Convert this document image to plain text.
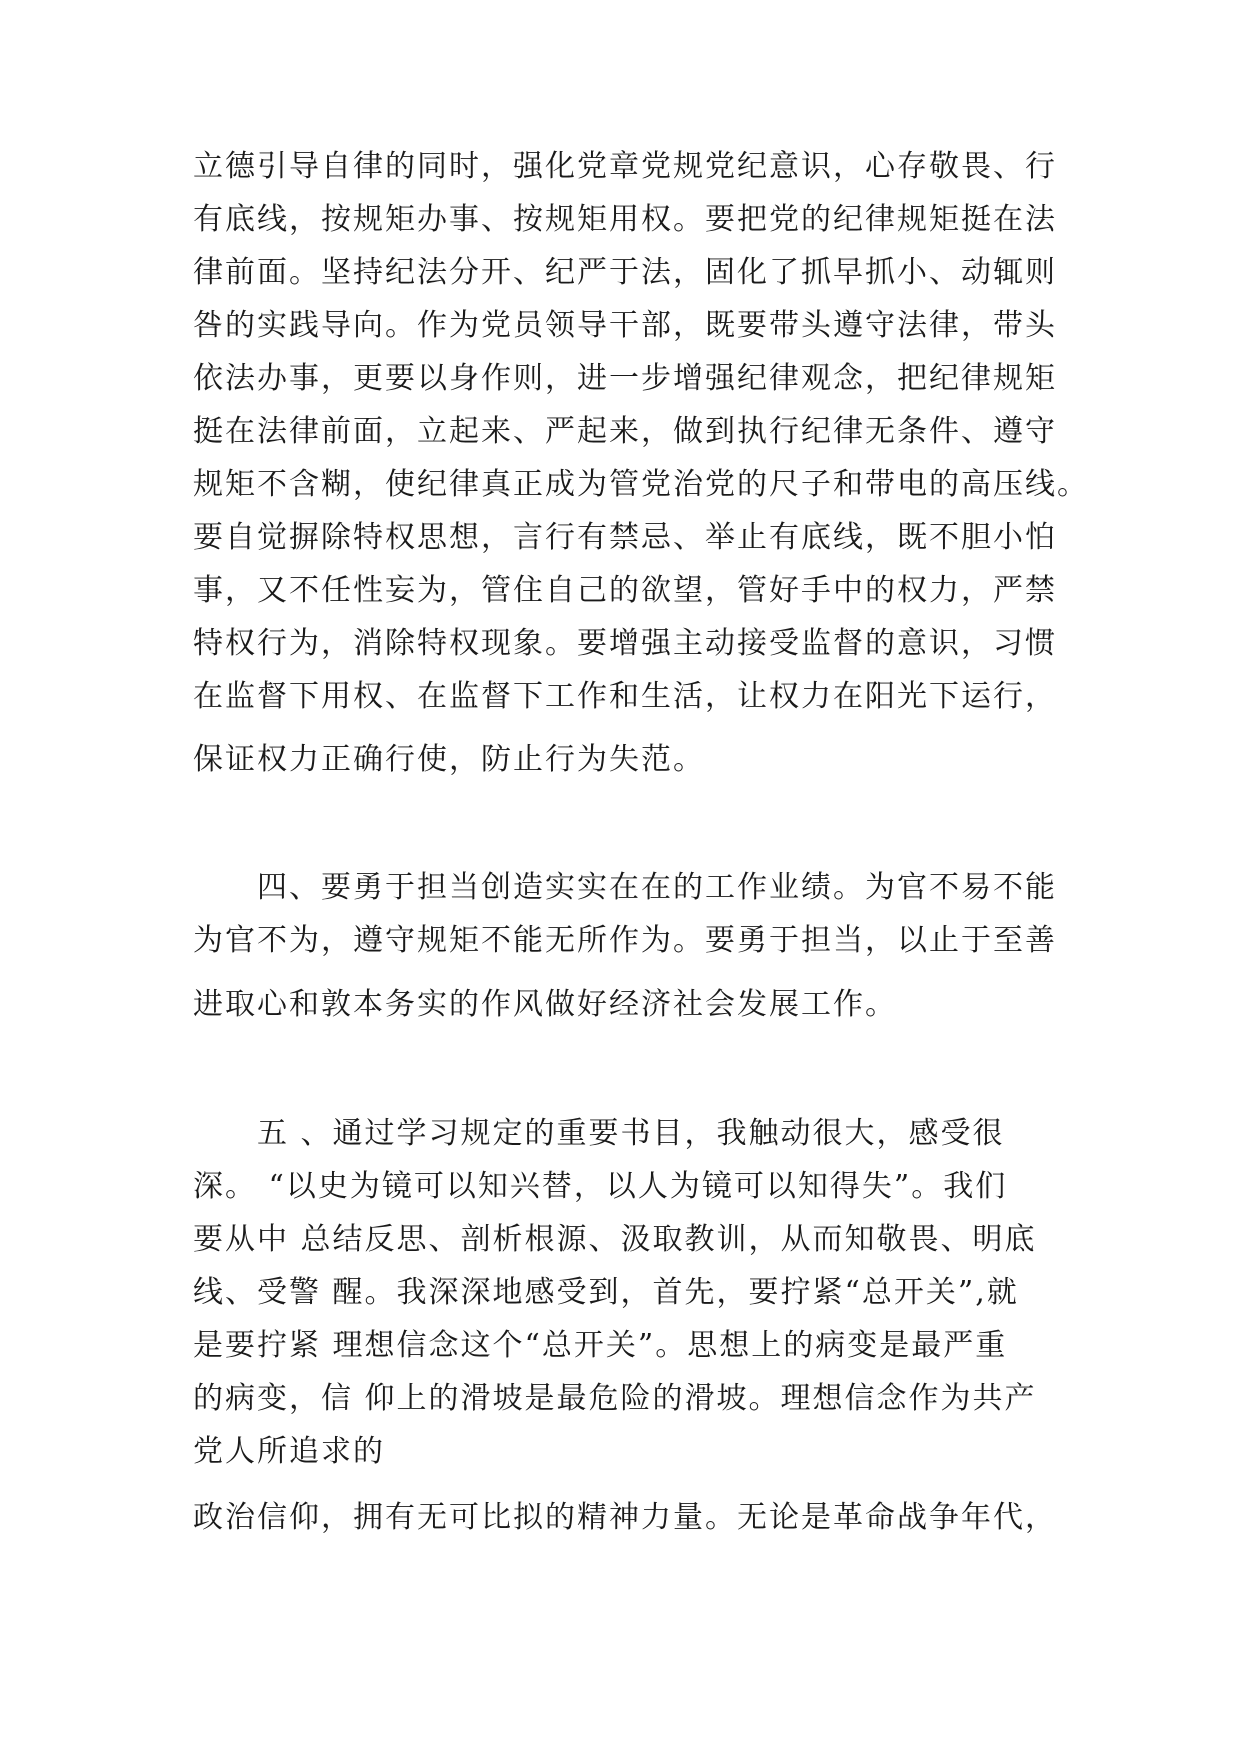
立德引导自律的同时，强化党章党规党纪意识，心存敬畏、行
有底线，按规矩办事、按规矩用权。要把党的纪律规矩挺在法
律前面。坚持纪法分开、纪严于法，固化了抓早抓小、动辄则
咎的实践导向。作为党员领导干部，既要带头遵守法律，带头
依法办事，更要以身作则，进一步增强纪律观念，把纪律规矩
挺在法律前面，立起来、严起来，做到执行纪律无条件、遵守
规矩不含糊，使纪律真正成为管党治党的尺子和带电的高压线。
要自觉摒除特权思想，言行有禁忌、举止有底线，既不胆小怕
事，又不任性妄为，管住自己的欲望，管好手中的权力，严禁
特权行为，消除特权现象。要增强主动接受监督的意识，习惯
在监督下用权、在监督下工作和生活，让权力在阳光下运行，
保证权力正确行使，防止行为失范。
　　四、要勇于担当创造实实在在的工作业绩。为官不易不能
为官不为，遵守规矩不能无所作为。要勇于担当，以止于至善
进取心和敦本务实的作风做好经济社会发展工作。
　　五 、通过学习规定的重要书目，我触动很大，感受很
深。 “以史为镜可以知兴替，以人为镜可以知得失”。我们
要从中 总结反思、剖析根源、汲取教训，从而知敬畏、明底
线、受警 醒。我深深地感受到，首先，要拧紧“总开关”,就
是要拧紧 理想信念这个“总开关”。思想上的病变是最严重
的病变，信 仰上的滑坡是最危险的滑坡。理想信念作为共产
党人所追求的
政治信仰，拥有无可比拟的精神力量。无论是革命战争年代，
